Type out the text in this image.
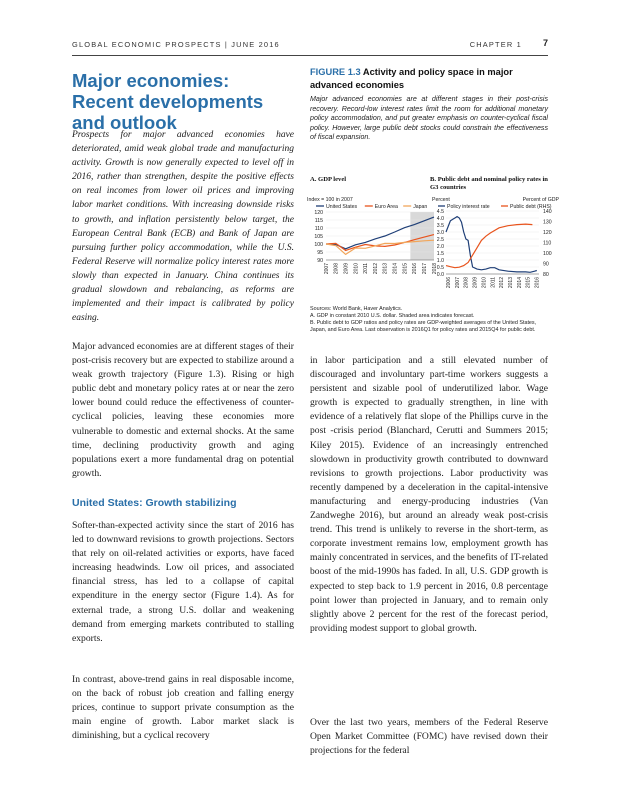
GLOBAL ECONOMIC PROSPECTS | JUNE 2016	CHAPTER 1 7
Major economies: Recent developments and outlook

Prospects for major advanced economies have deteriorated, amid weak global trade and manufacturing activity. Growth is now generally expected to level off in 2016, rather than strengthen, despite the positive effects on real incomes from lower oil prices and improving labor market conditions. With increasing downside risks to growth, and inflation persistently below target, the European Central Bank (ECB) and Bank of Japan are pursuing further policy accommodation, while the U.S. Federal Reserve will normalize policy interest rates more slowly than expected in January. China continues its gradual slowdown and rebalancing, as reforms are implemented and their impact is calibrated by policy easing.

Major advanced economies are at different stages of their post-crisis recovery but are expected to stabilize around a weak growth trajectory (Figure 1.3). Rising or high public debt and monetary policy rates at or near the zero lower bound could reduce the effectiveness of counter-cyclical policies, leaving these economies more vulnerable to domestic and external shocks. At the same time, declining productivity growth and aging populations exert a more fundamental drag on potential growth.

United States: Growth stabilizing

Softer-than-expected activity since the start of 2016 has led to downward revisions to growth projections. Sectors that rely on oil-related activities or exports, have faced increasing headwinds. Low oil prices, and associated financial stress, has led to a collapse of capital expenditure in the energy sector (Figure 1.4). As for external trade, a strong U.S. dollar and weakening demand from emerging markets contributed to stalling exports.

In contrast, above-trend gains in real disposable income, on the back of robust job creation and falling energy prices, continue to support private consumption as the main engine of growth. Labor market slack is diminishing, but a cyclical recovery

in labor participation and a still elevated number of discouraged and involuntary part-time workers suggests a persistent and sizable pool of underutilized labor. Wage growth is expected to gradually strengthen, in line with evidence of a relatively flat slope of the Phillips curve in the post -crisis period (Blanchard, Cerutti and Summers 2015; Kiley 2015). Evidence of an increasingly entrenched slowdown in productivity growth contributed to downward revisions to growth projections. Labor productivity was recently dampened by a deceleration in the capital-intensive manufacturing and energy-producing industries (Van Zandweghe 2016), but around an already weak post-crisis trend. This trend is unlikely to reverse in the short-term, as corporate investment remains low, employment growth has mainly concentrated in services, and the benefits of IT-related boost of the mid-1990s has faded. In all, U.S. GDP growth is expected to step back to 1.9 percent in 2016, 0.8 percentage point lower than projected in January, and to remain only slightly above 2 percent for the rest of the forecast period, providing modest support to global growth.

Over the last two years, members of the Federal Reserve Open Market Committee (FOMC) have revised down their projections for the federal

FIGURE 1.3 Activity and policy space in major advanced economies

Major advanced economies are at different stages in their post-crisis recovery. Record-low interest rates limit the room for additional monetary policy accommodation, and put greater emphasis on counter-cyclical fiscal policy. However, large public debt stocks could constrain the effectiveness of fiscal expansion.

A. GDP level	B. Public debt and nominal policy rates in G3 countries
Index = 100 in 2007
United States	Euro Area	Japan
90
95
100
105
110
115
120
2007 2008 2009 2010 2011 2012 2013 2014 2015 2016 2017 2018
Percent	Percent of GDP
Policy interest rate	Public debt (RHS)
0.0
0.5
1.0
1.5
2.0
2.5
3.0
3.5
4.0
4.5
80
90
100
110
120
130
140
2006 2007 2008 2009 2010 2011 2012 2013 2014 2015 2016
Sources: World Bank, Haver Analytics.
A. GDP in constant 2010 U.S. dollar. Shaded area indicates forecast.
B. Public debt to GDP ratios and policy rates are GDP-weighted averages of the United States, Japan, and Euro Area. Last observation is 2016Q1 for policy rates and 2015Q4 for public debt.
